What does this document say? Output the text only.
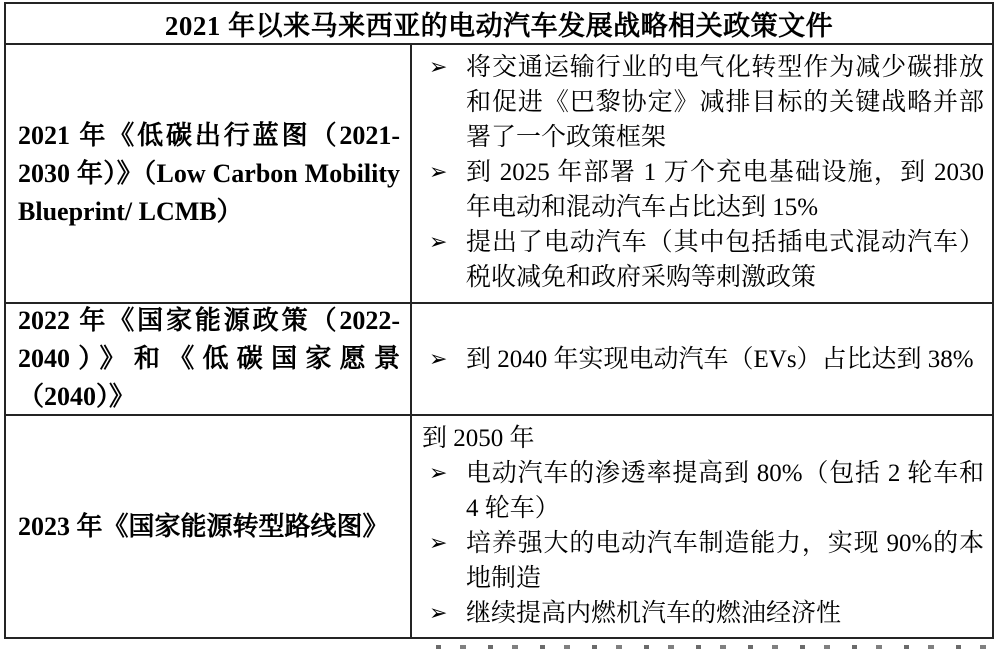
2021 年以来马来西亚的电动汽车发展战略相关政策文件

2021 年《低碳出行蓝图（2021-2030 年）》（Low Carbon Mobility Blueprint/ LCMB）

➢ 将交通运输行业的电气化转型作为减少碳排放和促进《巴黎协定》减排目标的关键战略并部署了一个政策框架
➢ 到 2025 年部署 1 万个充电基础设施，到 2030 年电动和混动汽车占比达到 15%
➢ 提出了电动汽车（其中包括插电式混动汽车）税收减免和政府采购等刺激政策

2022 年《国家能源政策（2022-2040）》和《低碳国家愿景（2040）》

➢ 到 2040 年实现电动汽车（EVs）占比达到 38%

2023 年《国家能源转型路线图》

到 2050 年
➢ 电动汽车的渗透率提高到 80%（包括 2 轮车和 4 轮车）
➢ 培养强大的电动汽车制造能力，实现 90%的本地制造
➢ 继续提高内燃机汽车的燃油经济性
